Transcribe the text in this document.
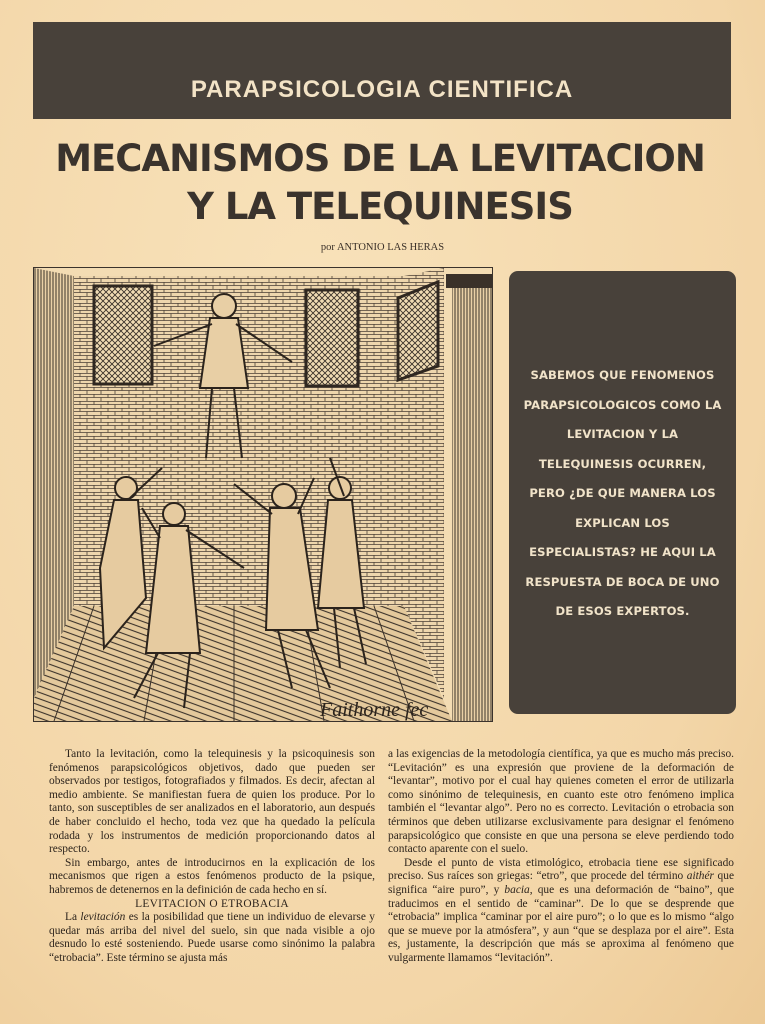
PARAPSICOLOGIA CIENTIFICA
MECANISMOS DE LA LEVITACION
Y LA TELEQUINESIS
por ANTONIO LAS HERAS
Faithorne fec
SABEMOS QUE FENOMENOS PARAPSICOLOGICOS COMO LA LEVITACION Y LA TELEQUINESIS OCURREN, PERO ¿DE QUE MANERA LOS EXPLICAN LOS ESPECIALISTAS? HE AQUI LA RESPUESTA DE BOCA DE UNO DE ESOS EXPERTOS.

Tanto la levitación, como la telequinesis y la psicoquinesis son fenómenos parapsicológicos objetivos, dado que pueden ser observados por testigos, fotografiados y filmados. Es decir, afectan al medio ambiente. Se manifiestan fuera de quien los produce. Por lo tanto, son susceptibles de ser analizados en el laboratorio, aun después de haber concluido el hecho, toda vez que ha quedado la película rodada y los instrumentos de medición proporcionando datos al respecto.

Sin embargo, antes de introducirnos en la explicación de los mecanismos que rigen a estos fenómenos producto de la psique, habremos de detenernos en la definición de cada hecho en sí.

LEVITACION O ETROBACIA

La levitación es la posibilidad que tiene un individuo de elevarse y quedar más arriba del nivel del suelo, sin que nada visible a ojo desnudo lo esté sosteniendo. Puede usarse como sinónimo la palabra “etrobacia”. Este término se ajusta más

a las exigencias de la metodología científica, ya que es mucho más preciso. “Levitación” es una expresión que proviene de la deformación de “levantar”, motivo por el cual hay quienes cometen el error de utilizarla como sinónimo de telequinesis, en cuanto este otro fenómeno implica también el “levantar algo”. Pero no es correcto. Levitación o etrobacia son términos que deben utilizarse exclusivamente para designar el fenómeno parapsicológico que consiste en que una persona se eleve perdiendo todo contacto aparente con el suelo.

Desde el punto de vista etimológico, etrobacia tiene ese significado preciso. Sus raíces son griegas: “etro”, que procede del término aithér que significa “aire puro”, y bacia, que es una deformación de “baino”, que traducimos en el sentido de “caminar”. De lo que se desprende que “etrobacia” implica “caminar por el aire puro”; o lo que es lo mismo “algo que se mueve por la atmósfera”, y aun “que se desplaza por el aire”. Esta es, justamente, la descripción que más se aproxima al fenómeno que vulgarmente llamamos “levitación”.
